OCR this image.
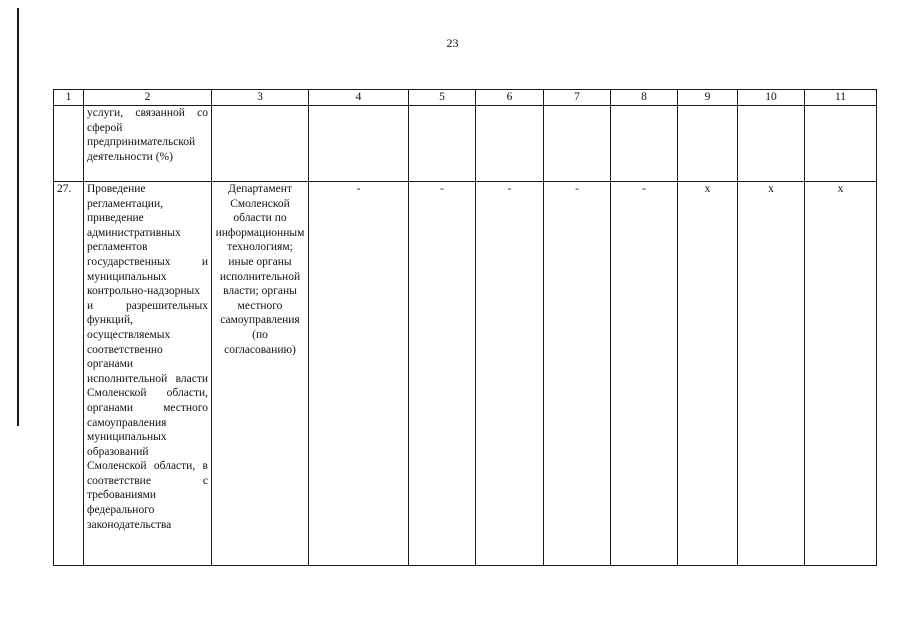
23
1	2	3	4	5	6	7	8	9	10	11
	услуги, связанной со сферой предпринимательской деятельности (%)									
27.	Проведение регламентации, приведение административных регламентов государственных и муниципальных контрольно-надзорных и разрешительных функций, осуществляемых соответственно органами исполнительной власти Смоленской области, органами местного самоуправления муниципальных образований Смоленской области, в соответствие с требованиями федерального законодательства	Департамент Смоленской области по информационным технологиям; иные органы исполнительной власти; органы местного самоуправления (по согласованию)	-	-	-	-	-	х	х	х
